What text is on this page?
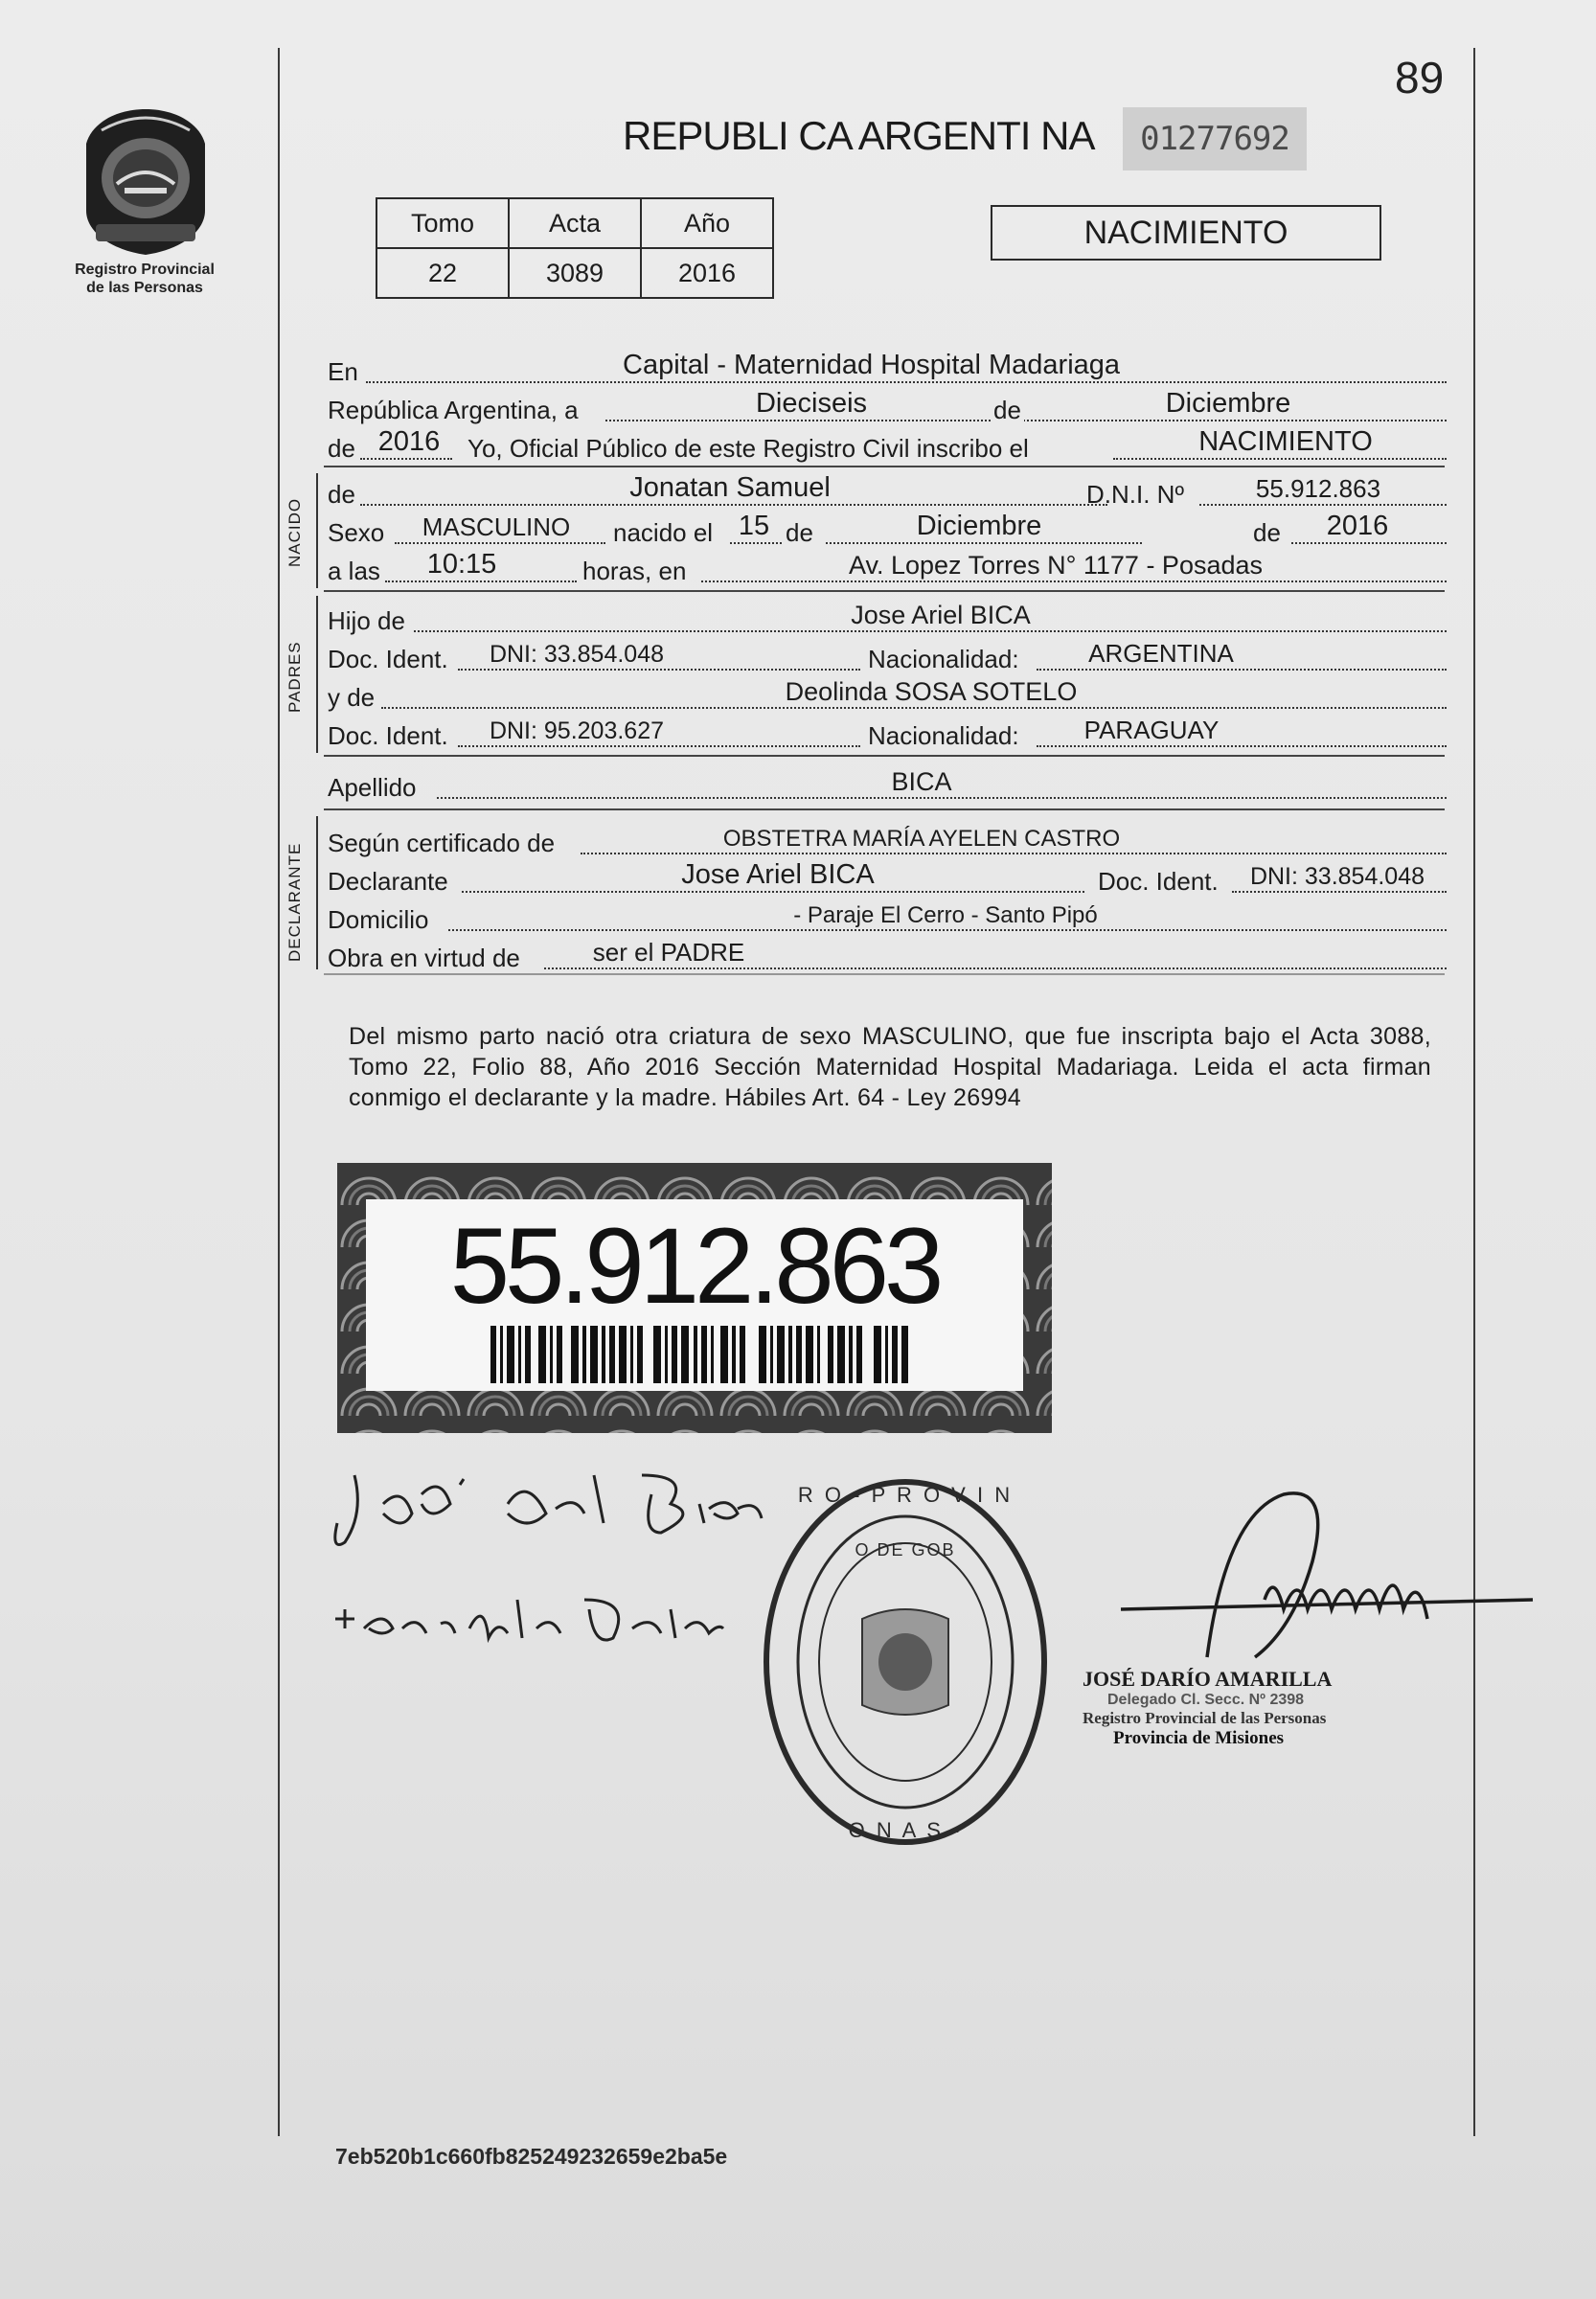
Registro Provincial
de las Personas
89
REPUBLI CA ARGENTI NA	01277692
Tomo	Acta	Año
22	3089	2016
NACIMIENTO
En	Capital - Maternidad Hospital Madariaga
República Argentina, a	Dieciseis	de	Diciembre
de 2016	Yo, Oficial Público de este Registro Civil inscribo el	NACIMIENTO
NACIDO
de	Jonatan Samuel	D.N.I. Nº	55.912.863
Sexo	MASCULINO	nacido el 15 de	Diciembre	de	2016
a las	10:15	horas, en	Av. Lopez Torres N° 1177 - Posadas
PADRES
Hijo de	Jose Ariel BICA
Doc. Ident.	DNI: 33.854.048	Nacionalidad:	ARGENTINA
y de	Deolinda SOSA SOTELO
Doc. Ident.	DNI: 95.203.627	Nacionalidad:	PARAGUAY
Apellido	BICA
DECLARANTE Según certificado de	OBSTETRA MARÍA AYELEN CASTRO
Declarante	Jose Ariel BICA	Doc. Ident.	DNI: 33.854.048
Domicilio	- Paraje El Cerro - Santo Pipó
Obra en virtud de	ser el PADRE
Del mismo parto nació otra criatura de sexo MASCULINO, que fue inscripta bajo el Acta 3088, Tomo 22, Folio 88, Año 2016 Sección Maternidad Hospital Madariaga. Leida el acta firman conmigo el declarante y la madre. Hábiles Art. 64 - Ley 26994
55.912.863
R O - P R O V I N
O N A S -
O DE GOB
JOSÉ DARÍO AMARILLA
Delegado Cl. Secc. Nº 2398
Registro Provincial de las Personas
Provincia de Misiones
7eb520b1c660fb825249232659e2ba5e
